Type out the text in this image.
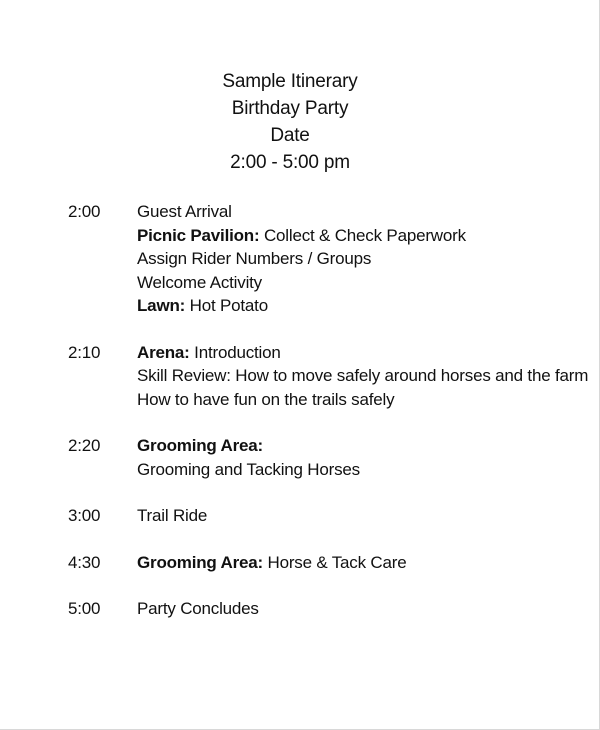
Sample Itinerary
Birthday Party
Date
2:00 - 5:00 pm
2:00	Guest Arrival
Picnic Pavilion: Collect & Check Paperwork
Assign Rider Numbers / Groups
Welcome Activity
Lawn: Hot Potato
2:10	Arena: Introduction
Skill Review: How to move safely around horses and the farm
How to have fun on the trails safely
2:20	Grooming Area:
Grooming and Tacking Horses
3:00	Trail Ride
4:30	Grooming Area: Horse & Tack Care
5:00	Party Concludes
